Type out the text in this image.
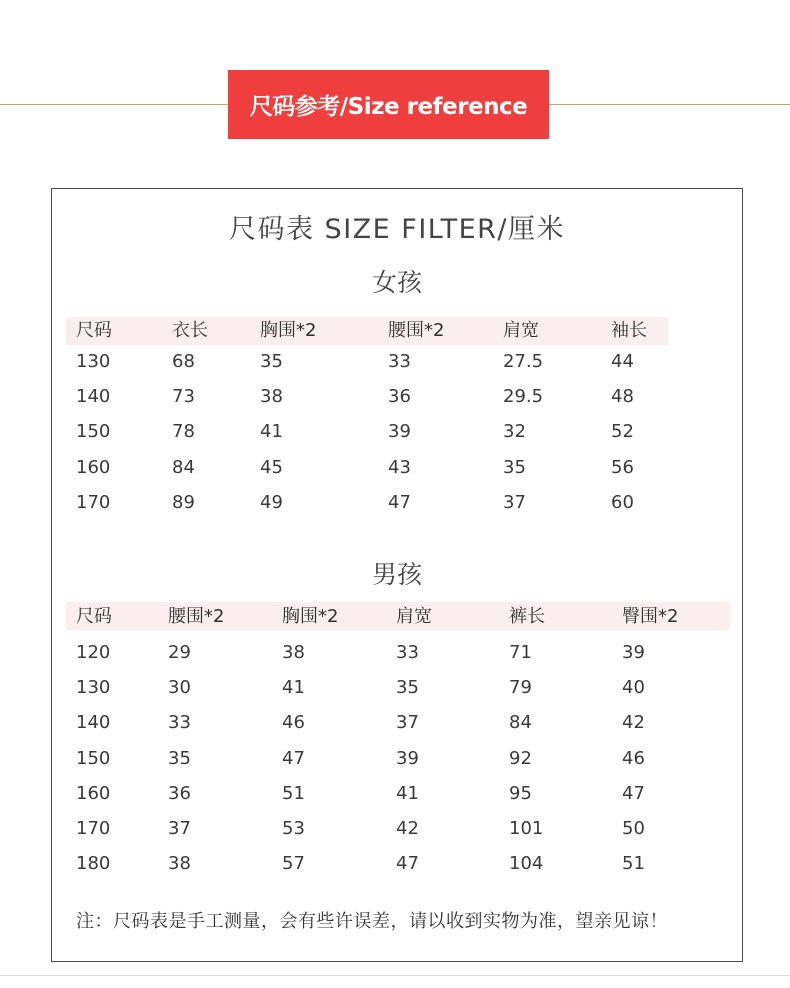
尺码参考/Size reference
尺码表 SIZE FILTER/厘米
女孩
尺码	衣长	胸围*2	腰围*2	肩宽	袖长
130	68	35	33	27.5	44
140	73	38	36	29.5	48
150	78	41	39	32	52
160	84	45	43	35	56
170	89	49	47	37	60
男孩
尺码	腰围*2	胸围*2	肩宽	裤长	臀围*2
120	29	38	33	71	39
130	30	41	35	79	40
140	33	46	37	84	42
150	35	47	39	92	46
160	36	51	41	95	47
170	37	53	42	101	50
180	38	57	47	104	51
注：尺码表是手工测量，会有些许误差，请以收到实物为准，望亲见谅！
